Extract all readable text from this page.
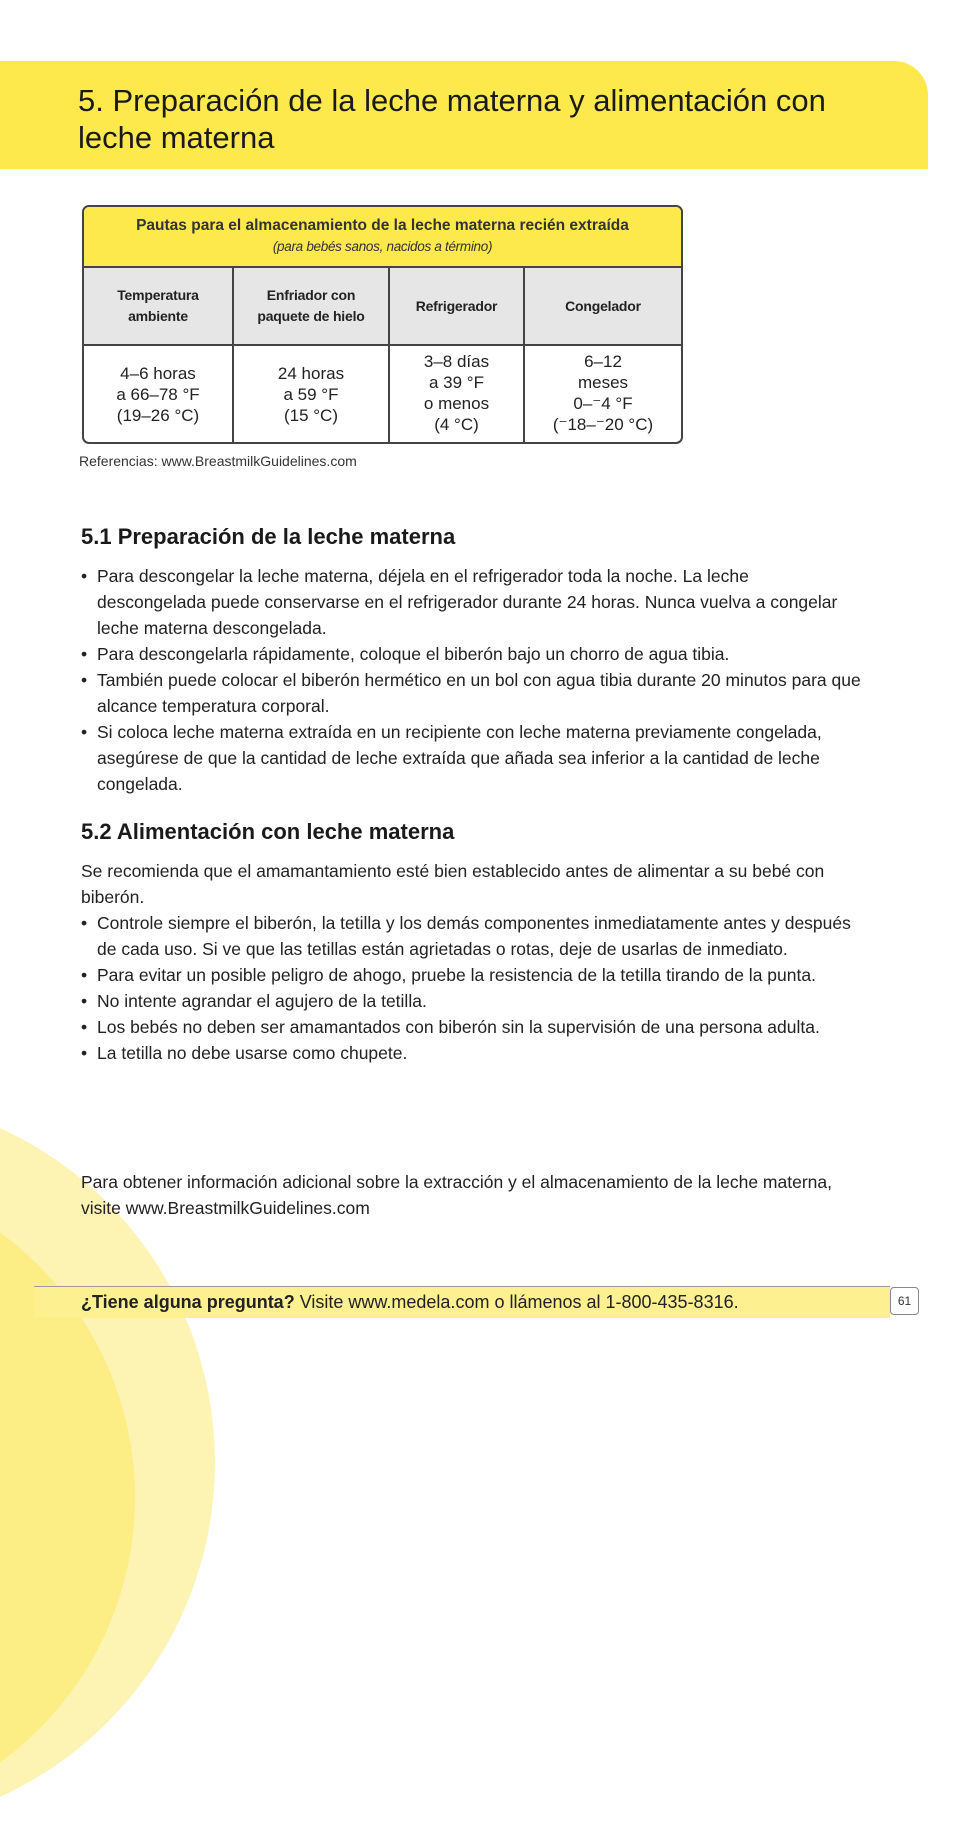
5. Preparación de la leche materna y alimentación con leche materna
Pautas para el almacenamiento de la leche materna recién extraída
(para bebés sanos, nacidos a término)
Temperatura ambiente
Enfriador con paquete de hielo
Refrigerador	Congelador
4–6 horas
a 66–78 °F
(19–26 °C)
24 horas
a 59 °F
(15 °C)
3–8 días
a 39 °F
o menos
(4 °C)
6–12
meses
0–⁻4 °F
(⁻18–⁻20 °C)
Referencias: www.BreastmilkGuidelines.com
5.1 Preparación de la leche materna
• Para descongelar la leche materna, déjela en el refrigerador toda la noche. La leche descongelada puede conservarse en el refrigerador durante 24 horas. Nunca vuelva a congelar leche materna descongelada.
• Para descongelarla rápidamente, coloque el biberón bajo un chorro de agua tibia.
• También puede colocar el biberón hermético en un bol con agua tibia durante 20 minutos para que alcance temperatura corporal.
• Si coloca leche materna extraída en un recipiente con leche materna previamente congelada, asegúrese de que la cantidad de leche extraída que añada sea inferior a la cantidad de leche congelada.
5.2 Alimentación con leche materna

Se recomienda que el amamantamiento esté bien establecido antes de alimentar a su bebé con biberón.

• Controle siempre el biberón, la tetilla y los demás componentes inmediatamente antes y después de cada uso. Si ve que las tetillas están agrietadas o rotas, deje de usarlas de inmediato.
• Para evitar un posible peligro de ahogo, pruebe la resistencia de la tetilla tirando de la punta.
• No intente agrandar el agujero de la tetilla.
• Los bebés no deben ser amamantados con biberón sin la supervisión de una persona adulta.
• La tetilla no debe usarse como chupete.

Para obtener información adicional sobre la extracción y el almacenamiento de la leche materna, visite www.BreastmilkGuidelines.com

¿Tiene alguna pregunta? Visite www.medela.com o llámenos al 1-800-435-8316.	61
